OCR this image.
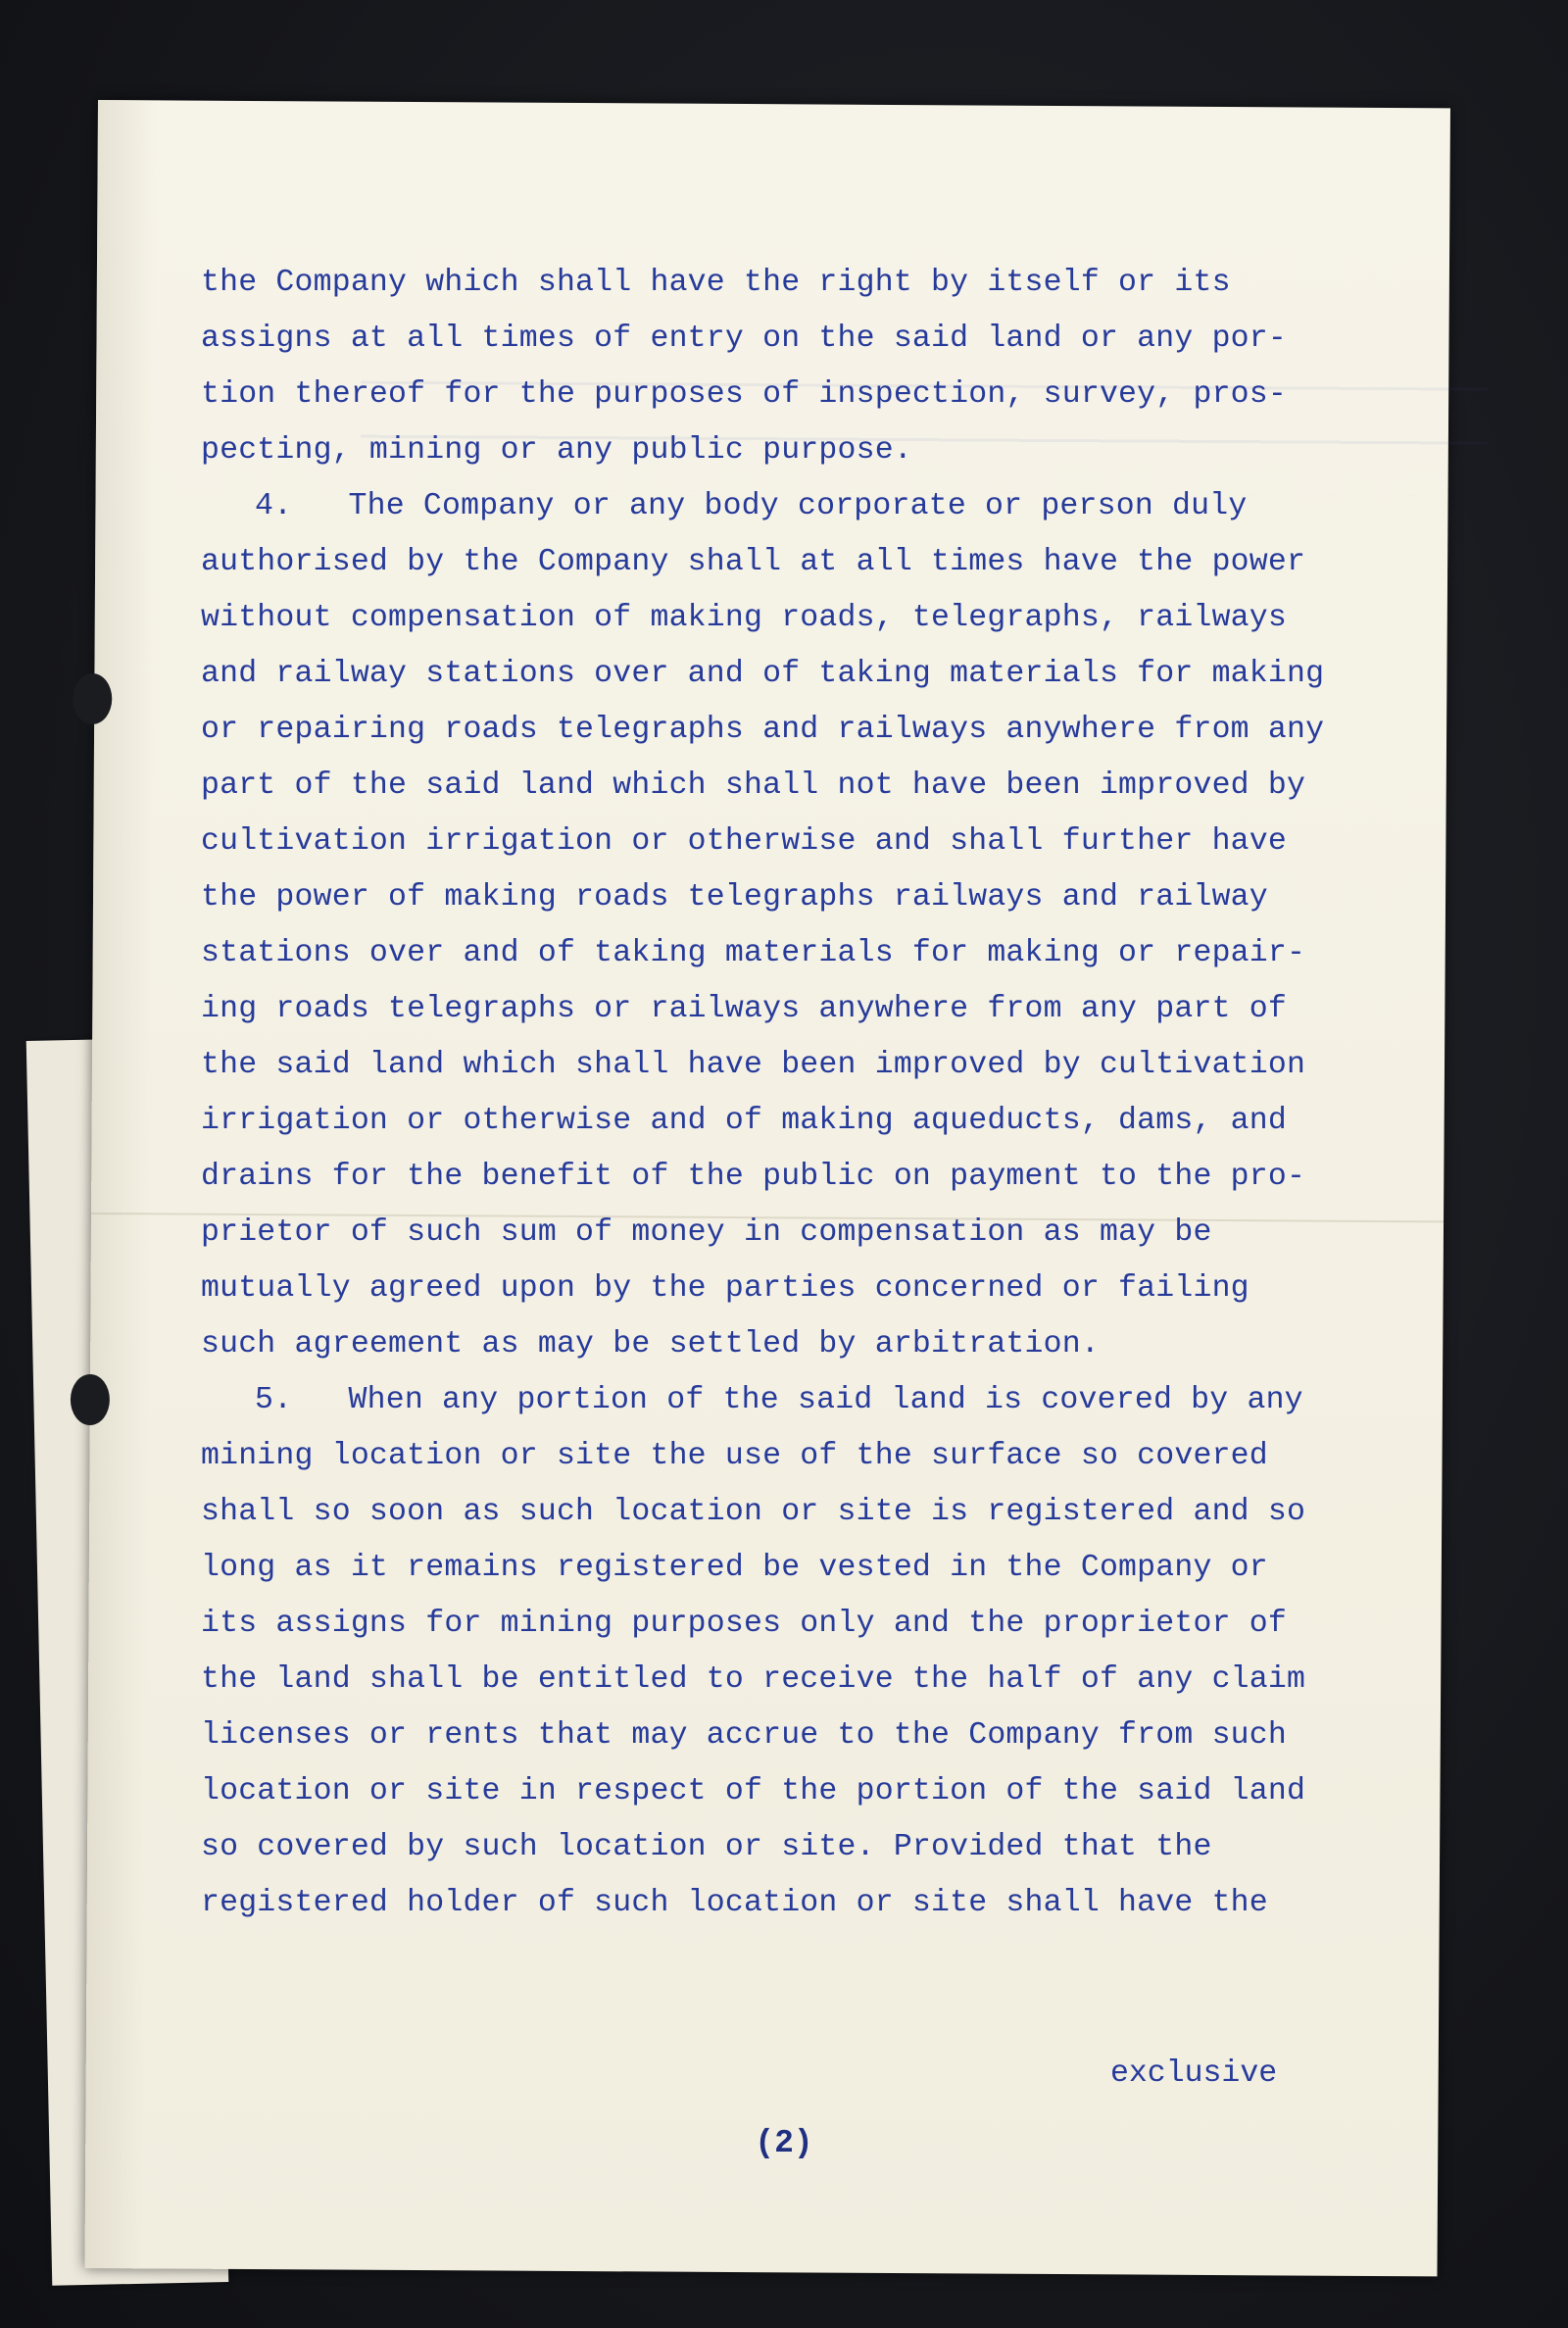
the Company which shall have the right by itself or its
assigns at all times of entry on the said land or any por-
tion thereof for the purposes of inspection, survey, pros-
pecting, mining or any public purpose.
4.   The Company or any body corporate or person duly
authorised by the Company shall at all times have the power
without compensation of making roads, telegraphs, railways
and railway stations over and of taking materials for making
or repairing roads telegraphs and railways anywhere from any
part of the said land which shall not have been improved by
cultivation irrigation or otherwise and shall further have
the power of making roads telegraphs railways and railway
stations over and of taking materials for making or repair-
ing roads telegraphs or railways anywhere from any part of
the said land which shall have been improved by cultivation
irrigation or otherwise and of making aqueducts, dams, and
drains for the benefit of the public on payment to the pro-
prietor of such sum of money in compensation as may be
mutually agreed upon by the parties concerned or failing
such agreement as may be settled by arbitration.
5.   When any portion of the said land is covered by any
mining location or site the use of the surface so covered
shall so soon as such location or site is registered and so
long as it remains registered be vested in the Company or
its assigns for mining purposes only and the proprietor of
the land shall be entitled to receive the half of any claim
licenses or rents that may accrue to the Company from such
location or site in respect of the portion of the said land
so covered by such location or site. Provided that the
registered holder of such location or site shall have the
exclusive
(2)
